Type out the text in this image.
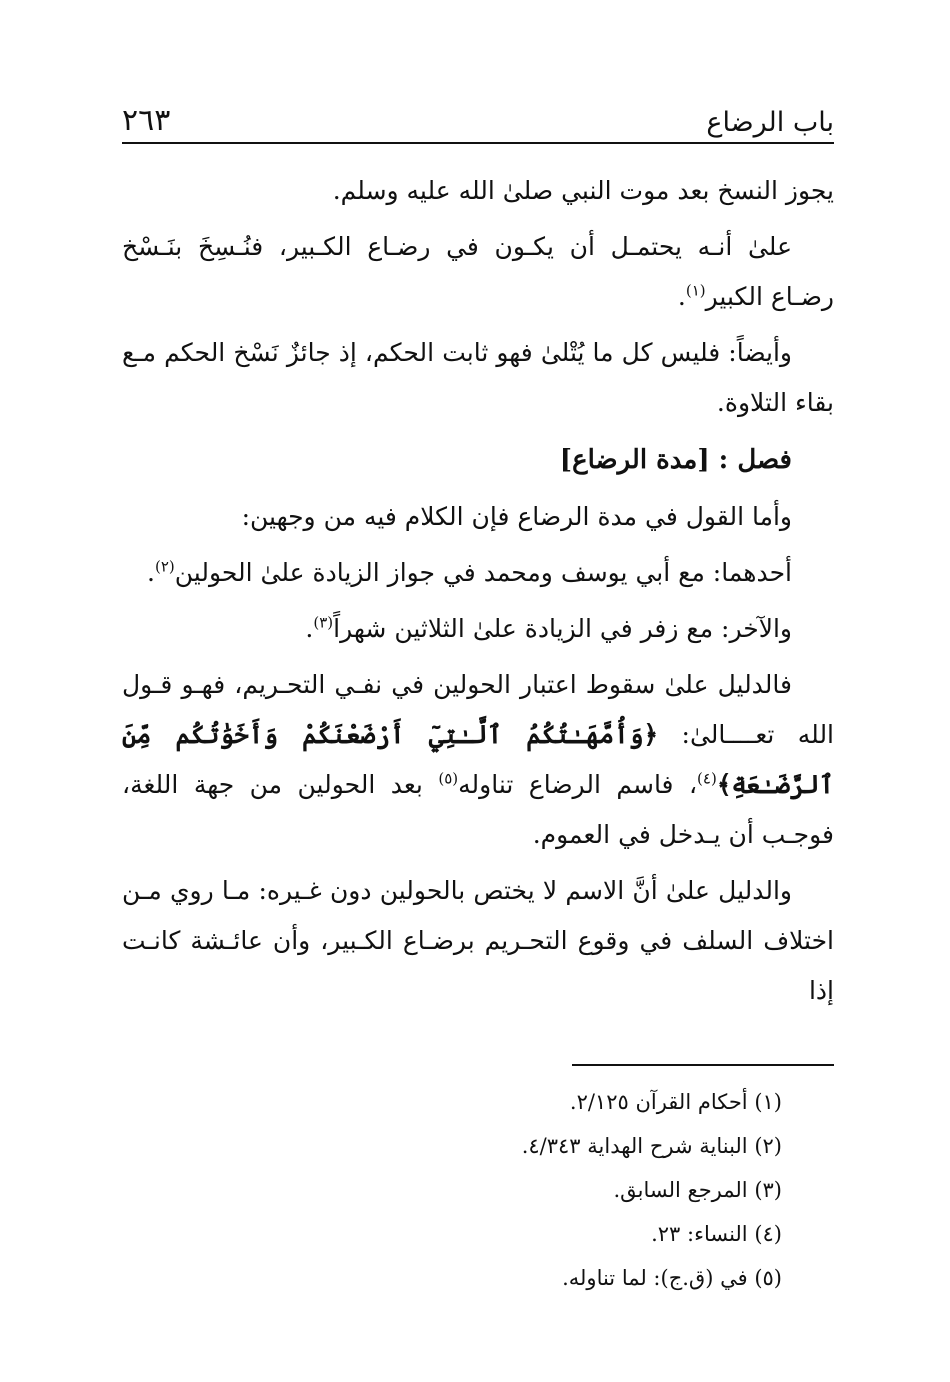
باب الرضاع
٢٦٣

يجوز النسخ بعد موت النبي صلىٰ الله عليه وسلم.

علىٰ أنـه يحتمـل أن يكـون في رضـاع الكـبير، فنُـسِخَ بنَـسْخ رضـاع الكبير$^{(١)}$.

وأيضاً: فليس كل ما يُتْلىٰ فهو ثابت الحكم، إذ جائزٌ نَسْخ الحكم مـع بقاء التلاوة.

فصل : [مدة الرضاع]

وأما القول في مدة الرضاع فإن الكلام فيه من وجهين:

أحدهما: مع أبي يوسف ومحمد في جواز الزيادة علىٰ الحولين$^{(٢)}$.

والآخر: مع زفر في الزيادة علىٰ الثلاثين شهراً$^{(٣)}$.

فالدليل علىٰ سقوط اعتبار الحولين في نفـي التحـريم، فهـو قـول الله تعــــالىٰ: ﴿وَأُمَّهَـٰتُكُمُ ٱلَّـٰتِيٓ أَرْضَعْنَكُمْ وَأَخَوَٰتُكُم مِّنَ ٱلرَّضَـٰعَةِ﴾$^{(٤)}$، فاسم الرضاع تناوله$^{(٥)}$ بعد الحولين من جهة اللغة، فوجـب أن يـدخل في العموم.

والدليل علىٰ أنَّ الاسم لا يختص بالحولين دون غـيره: مـا روي مـن اختلاف السلف في وقوع التحـريم برضـاع الكـبير، وأن عائـشة كانـت إذا

(١) أحكام القرآن ٢/١٢٥.
(٢) البناية شرح الهداية ٤/٣٤٣.
(٣) المرجع السابق.
(٤) النساء: ٢٣.
(٥) في (ق.ج): لما تناوله.
